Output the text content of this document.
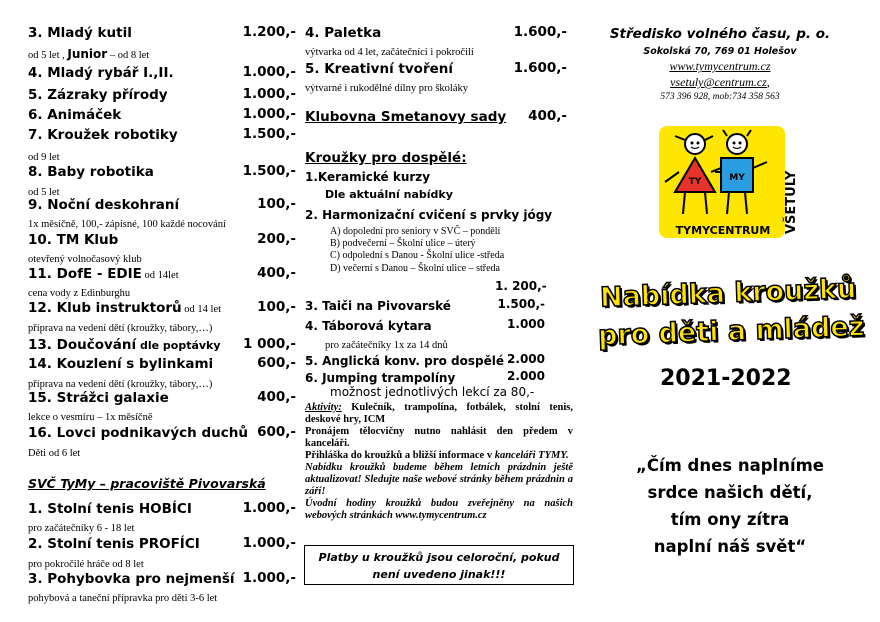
3. Mladý kutil	1.200,-
od 5 let , Junior – od 8 let
4. Mladý rybář I.,II.	1.000,-
5. Zázraky přírody	1.000,-
6. Animáček	1.000,-
7. Kroužek robotiky	1.500,-
od 9 let
8. Baby robotika	1.500,-
od 5 let
9. Noční deskohraní	100,-
1x měsíčně, 100,- zápisné, 100 každé nocování
10. TM Klub	200,-
otevřený volnočasový klub
11. DofE - EDIE od 14let	400,-
cena vody z Edinburghu
12. Klub instruktorů od 14 let	100,-
příprava na vedení dětí (kroužky, tábory,…)
13. Doučování dle poptávky 1 000,-
14. Kouzlení s bylinkami	600,-
příprava na vedení dětí (kroužky, tábory,…)
15. Strážci galaxie	400,-
lekce o vesmíru – 1x měsíčně
16. Lovci podnikavých duchů 600,-
Děti od 6 let
SVČ TyMy – pracoviště Pivovarská
1. Stolní tenis HOBÍCI	1.000,-
pro začátečníky 6 - 18 let
2. Stolní tenis PROFÍCI	1.000,-
pro pokročilé hráče od 8 let
3. Pohybovka pro nejmenší 1.000,-
pohybová a taneční přípravka pro děti 3-6 let
4. Paletka	1.600,-
výtvarka od 4 let, začátečníci i pokročilí
5. Kreativní tvoření	1.600,-
výtvarné i rukodělné dílny pro školáky
Klubovna Smetanovy sady 400,-
Kroužky pro dospělé:
1.Keramické kurzy
Dle aktuální nabídky
2. Harmonizační cvičení s prvky jógy
A) dopolední pro seniory v SVČ – pondělí
B) podvečerní – Školní ulice – úterý
C) odpolední s Danou - Školní ulice -středa
D) večerní s Danou – Školní ulice – středa
1. 200,-
3. Taiči na Pivovarské	1.500,-
4. Táborová kytara	1.000
pro začátečníky 1x za 14 dnů
5. Anglická konv. pro dospělé 2.000
6. Jumping trampolíny	2.000
možnost jednotlivých lekcí za 80,-
Aktivity: Kulečník, trampolína, fotbálek, stolní tenis, deskové hry, ICM
Pronájem tělocvičny nutno nahlásit den předem v kanceláři.
Přihláška do kroužků a bližší informace v kanceláři TYMY.
Nabídku kroužků budeme během letních prázdnin ještě aktualizovat! Sledujte naše webové stránky během prázdnin a září!
Úvodní hodiny kroužků budou zveřejněny na našich webových stránkách www.tymycentrum.cz
Platby u kroužků jsou celoroční, pokud není uvedeno jinak!!!
Středisko volného času, p. o.
Sokolská 70, 769 01 Holešov
www.tymycentrum.cz
vsetuly@centrum.cz,
573 396 928, mob:734 358 563
TY	MY
TYMYCENTRUM VŠETULY
Nabídka kroužků
pro děti a mládež
2021-2022
„Čím dnes naplníme
srdce našich dětí,
tím ony zítra
naplní náš svět“
